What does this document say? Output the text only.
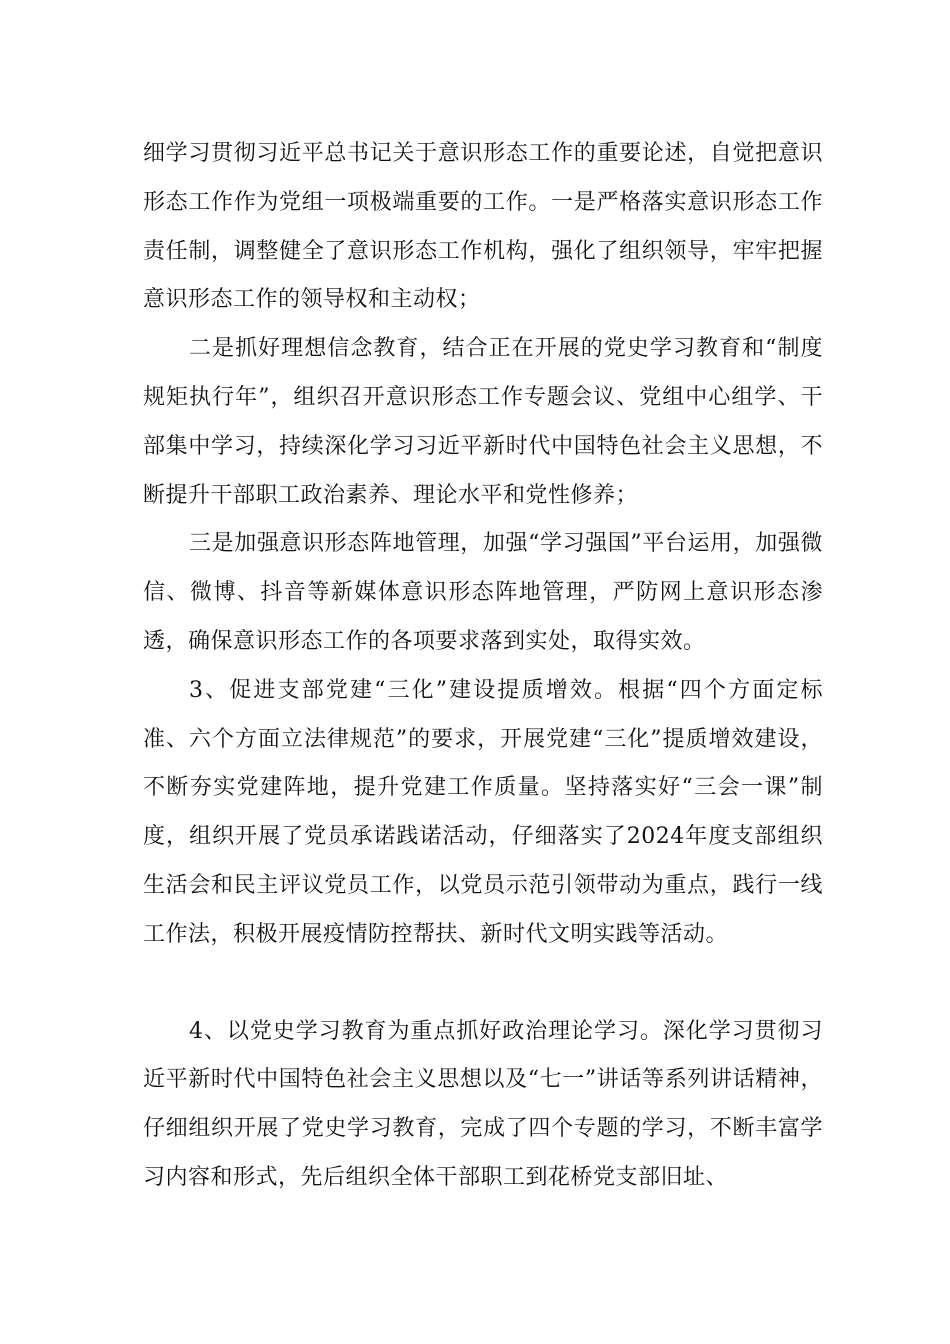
细学习贯彻习近平总书记关于意识形态工作的重要论述，自觉把意识形态工作作为党组一项极端重要的工作。一是严格落实意识形态工作责任制，调整健全了意识形态工作机构，强化了组织领导，牢牢把握意识形态工作的领导权和主动权；

二是抓好理想信念教育，结合正在开展的党史学习教育和“制度规矩执行年”，组织召开意识形态工作专题会议、党组中心组学、干部集中学习，持续深化学习习近平新时代中国特色社会主义思想，不断提升干部职工政治素养、理论水平和党性修养；

三是加强意识形态阵地管理，加强“学习强国”平台运用，加强微信、微博、抖音等新媒体意识形态阵地管理，严防网上意识形态渗透，确保意识形态工作的各项要求落到实处，取得实效。

3、促进支部党建“三化”建设提质增效。根据“四个方面定标准、六个方面立法律规范”的要求，开展党建“三化”提质增效建设，不断夯实党建阵地，提升党建工作质量。坚持落实好“三会一课”制度，组织开展了党员承诺践诺活动，仔细落实了2024年度支部组织生活会和民主评议党员工作，以党员示范引领带动为重点，践行一线工作法，积极开展疫情防控帮扶、新时代文明实践等活动。

4、以党史学习教育为重点抓好政治理论学习。深化学习贯彻习近平新时代中国特色社会主义思想以及“七一”讲话等系列讲话精神，仔细组织开展了党史学习教育，完成了四个专题的学习，不断丰富学习内容和形式，先后组织全体干部职工到花桥党支部旧址、
